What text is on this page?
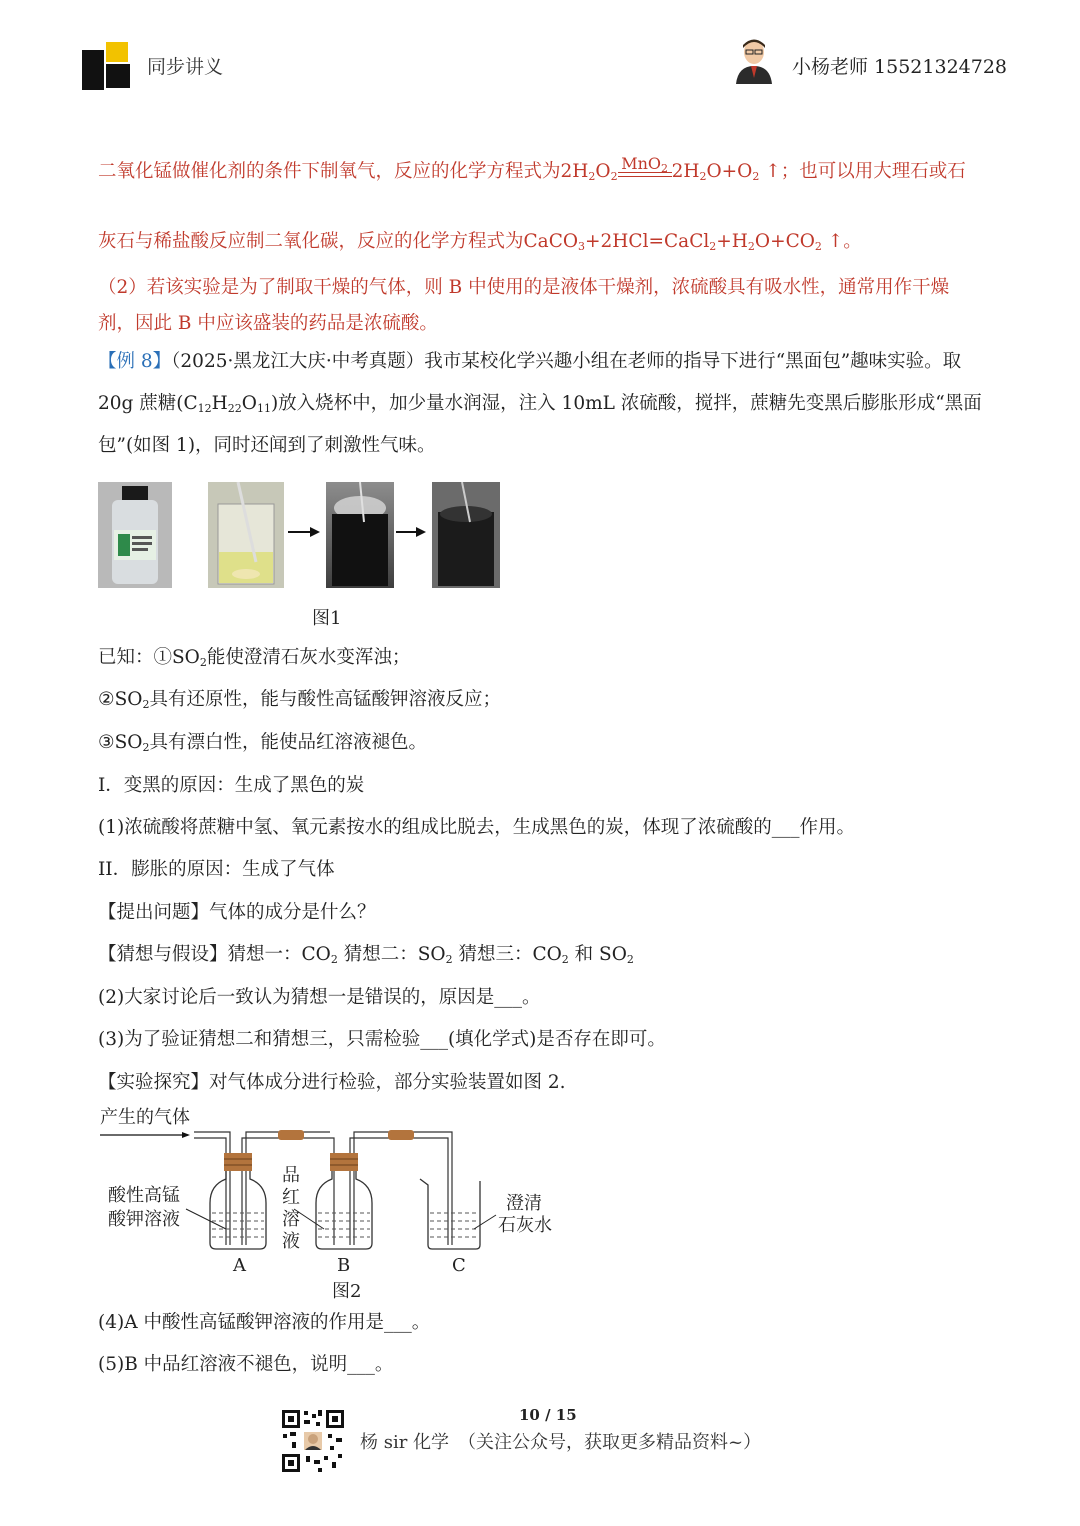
同步讲义	小杨老师 15521324728
二氧化锰做催化剂的条件下制氧气，反应的化学方程式为$2H_2O_2$
MnO$_2$ $2H_2O+O_2$ ↑；也可以用大理石或石
灰石与稀盐酸反应制二氧化碳，反应的化学方程式为$CaCO_3+2HCl=CaCl_2+H_2O+CO_2$ ↑。
（2）若该实验是为了制取干燥的气体，则 B 中使用的是液体干燥剂，浓硫酸具有吸水性，通常用作干燥
剂，因此 B 中应该盛装的药品是浓硫酸。
【例 8】（2025·黑龙江大庆·中考真题）我市某校化学兴趣小组在老师的指导下进行“黑面包”趣味实验。取
20g 蔗糖$(C_{12}H_{22}O_{11})$放入烧杯中，加少量水润湿，注入 10mL 浓硫酸，搅拌，蔗糖先变黑后膨胀形成“黑面
包”(如图 1)，同时还闻到了刺激性气味。
已知：$①SO_2$能使澄清石灰水变浑浊；
$②SO_2$具有还原性，能与酸性高锰酸钾溶液反应；
$③SO_2$具有漂白性，能使品红溶液褪色。
I．变黑的原因：生成了黑色的炭
(1)浓硫酸将蔗糖中氢、氧元素按水的组成比脱去，生成黑色的炭，体现了浓硫酸的___作用。
II．膨胀的原因：生成了气体
【提出问题】气体的成分是什么？
【猜想与假设】猜想一：$CO_2$ 猜想二：$SO_2$ 猜想三：$CO_2$ 和 $SO_2$
(2)大家讨论后一致认为猜想一是错误的，原因是___。
(3)为了验证猜想二和猜想三，只需检验___(填化学式)是否存在即可。
【实验探究】对气体成分进行检验，部分实验装置如图 2.
(4)A 中酸性高锰酸钾溶液的作用是___。
(5)B 中品红溶液不褪色，说明___。
图1
产生的气体
酸性高锰
酸钾溶液
品
红
溶
液
澄清
石灰水
A	B	C
图2
10 / 15
杨 sir 化学　（关注公众号，获取更多精品资料~）
